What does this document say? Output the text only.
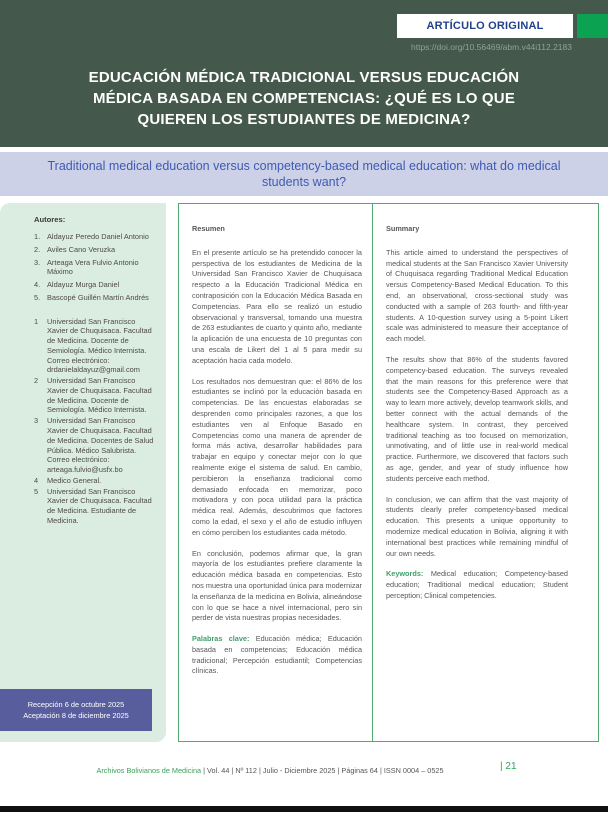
ARTÍCULO ORIGINAL
https://doi.org/10.56469/abm.v44i112.2183
EDUCACIÓN MÉDICA TRADICIONAL VERSUS EDUCACIÓN MÉDICA BASADA EN COMPETENCIAS: ¿QUÉ ES LO QUE QUIEREN LOS ESTUDIANTES DE MEDICINA?
Traditional medical education versus competency-based medical education: what do medical students want?

Autores:

1. Aldayuz Peredo Daniel Antonio
2. Aviles Cano Veruzka
3. Arteaga Vera Fulvio Antonio Máximo
4. Aldayuz Murga Daniel
5. Bascopé Guillén Martín Andrés
1	Universidad San Francisco Xavier de Chuquisaca. Facultad de Medicina. Docente de Semiología. Médico Internista. Correo electrónico: drdanielaldayuz@gmail.com
2	Universidad San Francisco Xavier de Chuquisaca. Facultad de Medicina. Docente de Semiología. Médico Internista.
3	Universidad San Francisco Xavier de Chuquisaca. Facultad de Medicina. Docentes de Salud Pública. Médico Salubrista. Correo electrónico: arteaga.fulvio@usfx.bo
4	Medico General.
5	Universidad San Francisco Xavier de Chuquisaca. Facultad de Medicina. Estudiante de Medicina.
Recepción 6 de octubre 2025
Aceptación 8 de diciembre 2025

Resumen

En el presente artículo se ha pretendido conocer la perspectiva de los estudiantes de Medicina de la Universidad San Francisco Xavier de Chuquisaca respecto a la Educación Tradicional Médica en contraposición con la Educación Médica Basada en Competencias. Para ello se realizó un estudio observacional y transversal, tomando una muestra de 263 estudiantes de cuarto y quinto año, mediante la aplicación de una encuesta de 10 preguntas con una escala de Likert del 1 al 5 para medir su aceptación hacia cada modelo.

Los resultados nos demuestran que: el 86% de los estudiantes se inclinó por la educación basada en competencias. De las encuestas elaboradas se desprenden como principales razones, a que los estudiantes ven al Enfoque Basado en Competencias como una manera de aprender de forma más activa, desarrollar habilidades para trabajar en equipo y conectar mejor con lo que realmente exige el sistema de salud. En cambio, percibieron la enseñanza tradicional como demasiado enfocada en memorizar, poco motivadora y con poca utilidad para la práctica médica real. Además, descubrimos que factores como la edad, el sexo y el año de estudio influyen en cómo perciben los estudiantes cada método.

En conclusión, podemos afirmar que, la gran mayoría de los estudiantes prefiere claramente la educación médica basada en competencias. Esto nos muestra una oportunidad única para modernizar la enseñanza de la medicina en Bolivia, alineándose con lo que se hace a nivel internacional, pero sin perder de vista nuestras propias necesidades.

Palabras clave: Educación médica; Educación basada en competencias; Educación médica tradicional; Percepción estudiantil; Competencias clínicas.

Summary

This article aimed to understand the perspectives of medical students at the San Francisco Xavier University of Chuquisaca regarding Traditional Medical Education versus Competency-Based Medical Education. To this end, an observational, cross-sectional study was conducted with a sample of 263 fourth- and fifth-year students. A 10-question survey using a 5-point Likert scale was administered to measure their acceptance of each model.

The results show that 86% of the students favored competency-based education. The surveys revealed that the main reasons for this preference were that students see the Competency-Based Approach as a way to learn more actively, develop teamwork skills, and better connect with the actual demands of the healthcare system. In contrast, they perceived traditional teaching as too focused on memorization, unmotivating, and of little use in real-world medical practice. Furthermore, we discovered that factors such as age, gender, and year of study influence how students perceive each method.

In conclusion, we can affirm that the vast majority of students clearly prefer competency-based medical education. This presents a unique opportunity to modernize medical education in Bolivia, aligning it with international best practices while remaining mindful of our own needs.

Keywords: Medical education; Competency-based education; Traditional medical education; Student perception; Clinical competencies.

Archivos Bolivianos de Medicina | Vol. 44 | Nº 112 | Julio - Diciembre 2025 | Páginas 64 | ISSN 0004 – 0525	| 21
